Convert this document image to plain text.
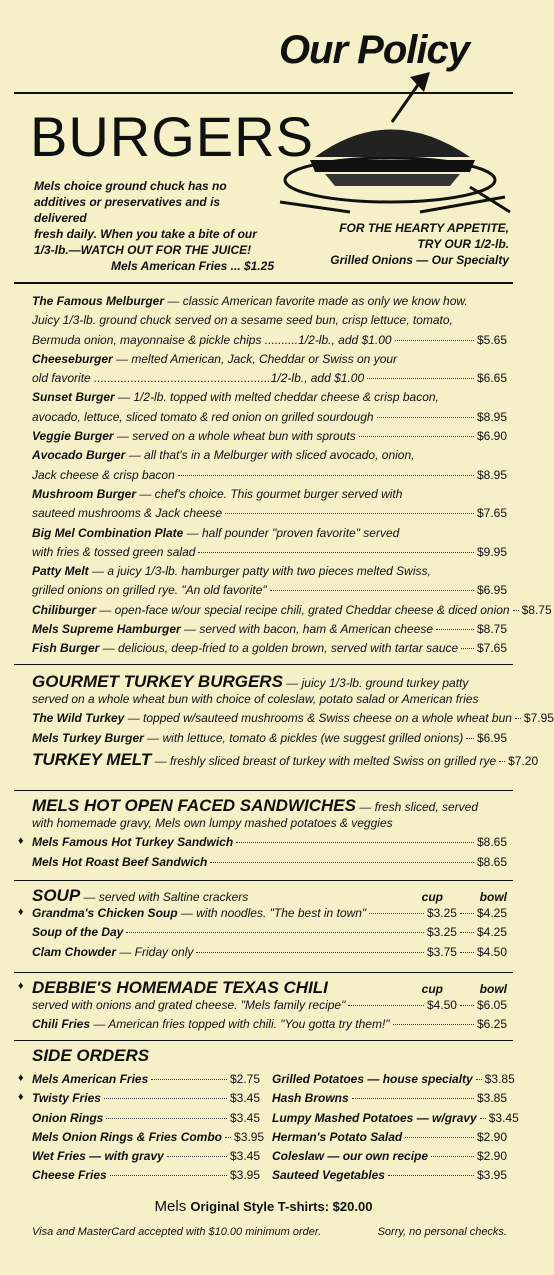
Our Policy
BURGERS
Mels choice ground chuck has no
additives or preservatives and is delivered
fresh daily. When you take a bite of our
1/3-lb.—WATCH OUT FOR THE JUICE!
Mels American Fries ... $1.25
FOR THE HEARTY APPETITE,
TRY OUR 1/2-lb.
Grilled Onions — Our Specialty
The Famous Melburger — classic American favorite made as only we know how.
Juicy 1/3-lb. ground chuck served on a sesame seed bun, crisp lettuce, tomato,
Bermuda onion, mayonnaise & pickle chips ..........1/2-lb., add $1.00	$5.65
Cheeseburger — melted American, Jack, Cheddar or Swiss on your
old favorite .....................................................1/2-lb., add $1.00	$6.65
Sunset Burger — 1/2-lb. topped with melted cheddar cheese & crisp bacon,
avocado, lettuce, sliced tomato & red onion on grilled sourdough	$8.95
Veggie Burger — served on a whole wheat bun with sprouts	$6.90
Avocado Burger — all that's in a Melburger with sliced avocado, onion,
Jack cheese & crisp bacon	$8.95
Mushroom Burger — chef's choice. This gourmet burger served with
sauteed mushrooms & Jack cheese	$7.65
Big Mel Combination Plate — half pounder "proven favorite" served
with fries & tossed green salad	$9.95
Patty Melt — a juicy 1/3-lb. hamburger patty with two pieces melted Swiss,
grilled onions on grilled rye. "An old favorite"	$6.95
Chiliburger — open-face w/our special recipe chili, grated Cheddar cheese & diced onion $8.75
Mels Supreme Hamburger — served with bacon, ham & American cheese	$8.75
Fish Burger — delicious, deep-fried to a golden brown, served with tartar sauce $7.65
GOURMET TURKEY BURGERS — juicy 1/3-lb. ground turkey patty
served on a whole wheat bun with choice of coleslaw, potato salad or American fries
The Wild Turkey — topped w/sauteed mushrooms & Swiss cheese on a whole wheat bun $7.95
Mels Turkey Burger — with lettuce, tomato & pickles (we suggest grilled onions) $6.95
TURKEY MELT — freshly sliced breast of turkey with melted Swiss on grilled rye $7.20
MELS HOT OPEN FACED SANDWICHES — fresh sliced, served
with homemade gravy, Mels own lumpy mashed potatoes & veggies
♦ Mels Famous Hot Turkey Sandwich	$8.65
Mels Hot Roast Beef Sandwich	$8.65
SOUP — served with Saltine crackers	cup	bowl
♦ Grandma's Chicken Soup — with noodles. "The best in town"	$3.25 $4.25
Soup of the Day	$3.25 $4.25
Clam Chowder — Friday only	$3.75 $4.50
♦ DEBBIE'S HOMEMADE TEXAS CHILI	cup	bowl
served with onions and grated cheese. "Mels family recipe"	$4.50 $6.05
Chili Fries — American fries topped with chili. "You gotta try them!"	$6.25
SIDE ORDERS
♦ Mels American Fries	$2.75
♦ Twisty Fries	$3.45
Onion Rings	$3.45
Mels Onion Rings & Fries Combo $3.95
Wet Fries — with gravy	$3.45
Cheese Fries	$3.95
Grilled Potatoes — house specialty $3.85
Hash Browns	$3.85
Lumpy Mashed Potatoes — w/gravy $3.45
Herman's Potato Salad	$2.90
Coleslaw — our own recipe	$2.90
Sauteed Vegetables	$3.95
Mels Original Style T-shirts: $20.00
Visa and MasterCard accepted with $10.00 minimum order.	Sorry, no personal checks.
